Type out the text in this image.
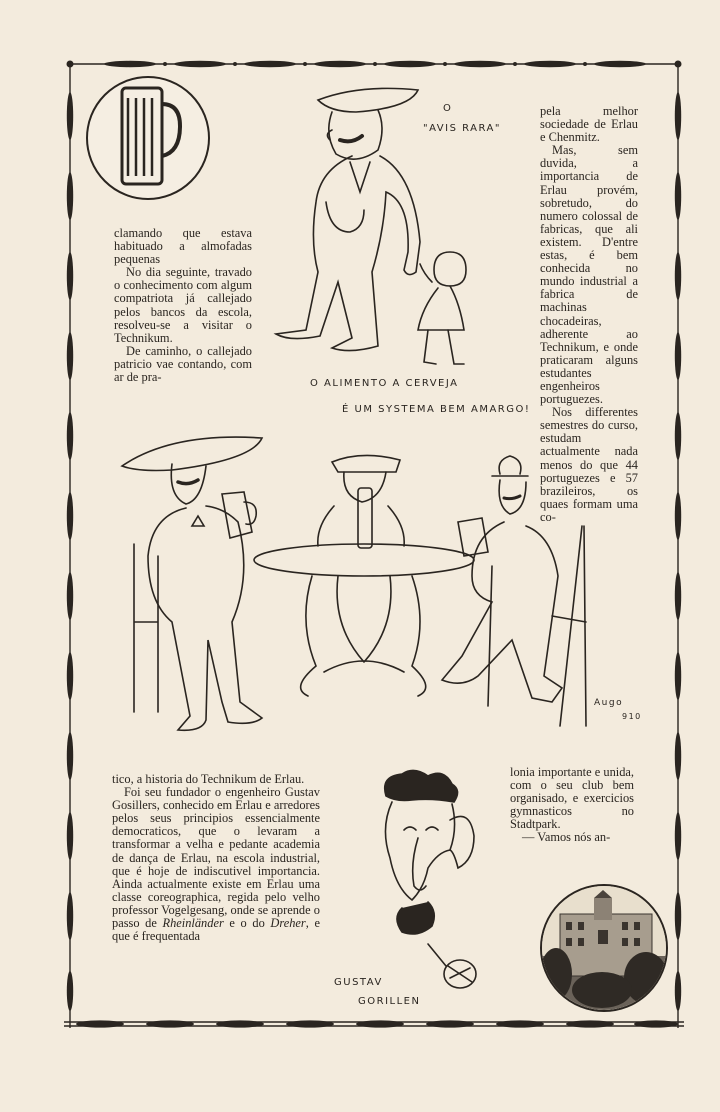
O
"AVIS RARA"
O ALIMENTO A CERVEJA
É UM SYSTEMA BEM AMARGO!

clamando que estava habituado a almofadas pequenas

No dia seguinte, travado o conhecimento com algum compatriota já callejado pelos bancos da escola, resolveu-se a visitar o Technikum.

De caminho, o callejado patricio vae contando, com ar de pra-

pela melhor sociedade de Erlau e Chenmitz.

Mas, sem duvida, a importancia de Erlau provém, sobretudo, do numero colossal de fabricas, que ali existem. D'entre estas, é bem conhecida no mundo industrial a fabrica de machinas chocadeiras, adherente ao Technikum, e onde praticaram alguns estudantes engenheiros portuguezes.

Nos differentes semestres do curso, estudam actualmente nada menos do que 44 portuguezes e 57 brazileiros, os quaes formam uma co-

Augo
910

lonia importante e unida, com o seu club bem organisado, e exercicios gymnasticos no Stadtpark.

— Vamos nós an-

tico, a historia do Technikum de Erlau.

Foi seu fundador o engenheiro Gustav Gosillers, conhecido em Erlau e arredores pelos seus principios essencialmente democraticos, que o levaram a transformar a velha e pedante academia de dança de Erlau, na escola industrial, que é hoje de indiscutivel importancia. Ainda actualmente existe em Erlau uma classe coreographica, regida pelo velho professor Vogelgesang, onde se aprende o passo de Rheinländer e o do Dreher, e que é frequentada

GUSTAV
GORILLEN
